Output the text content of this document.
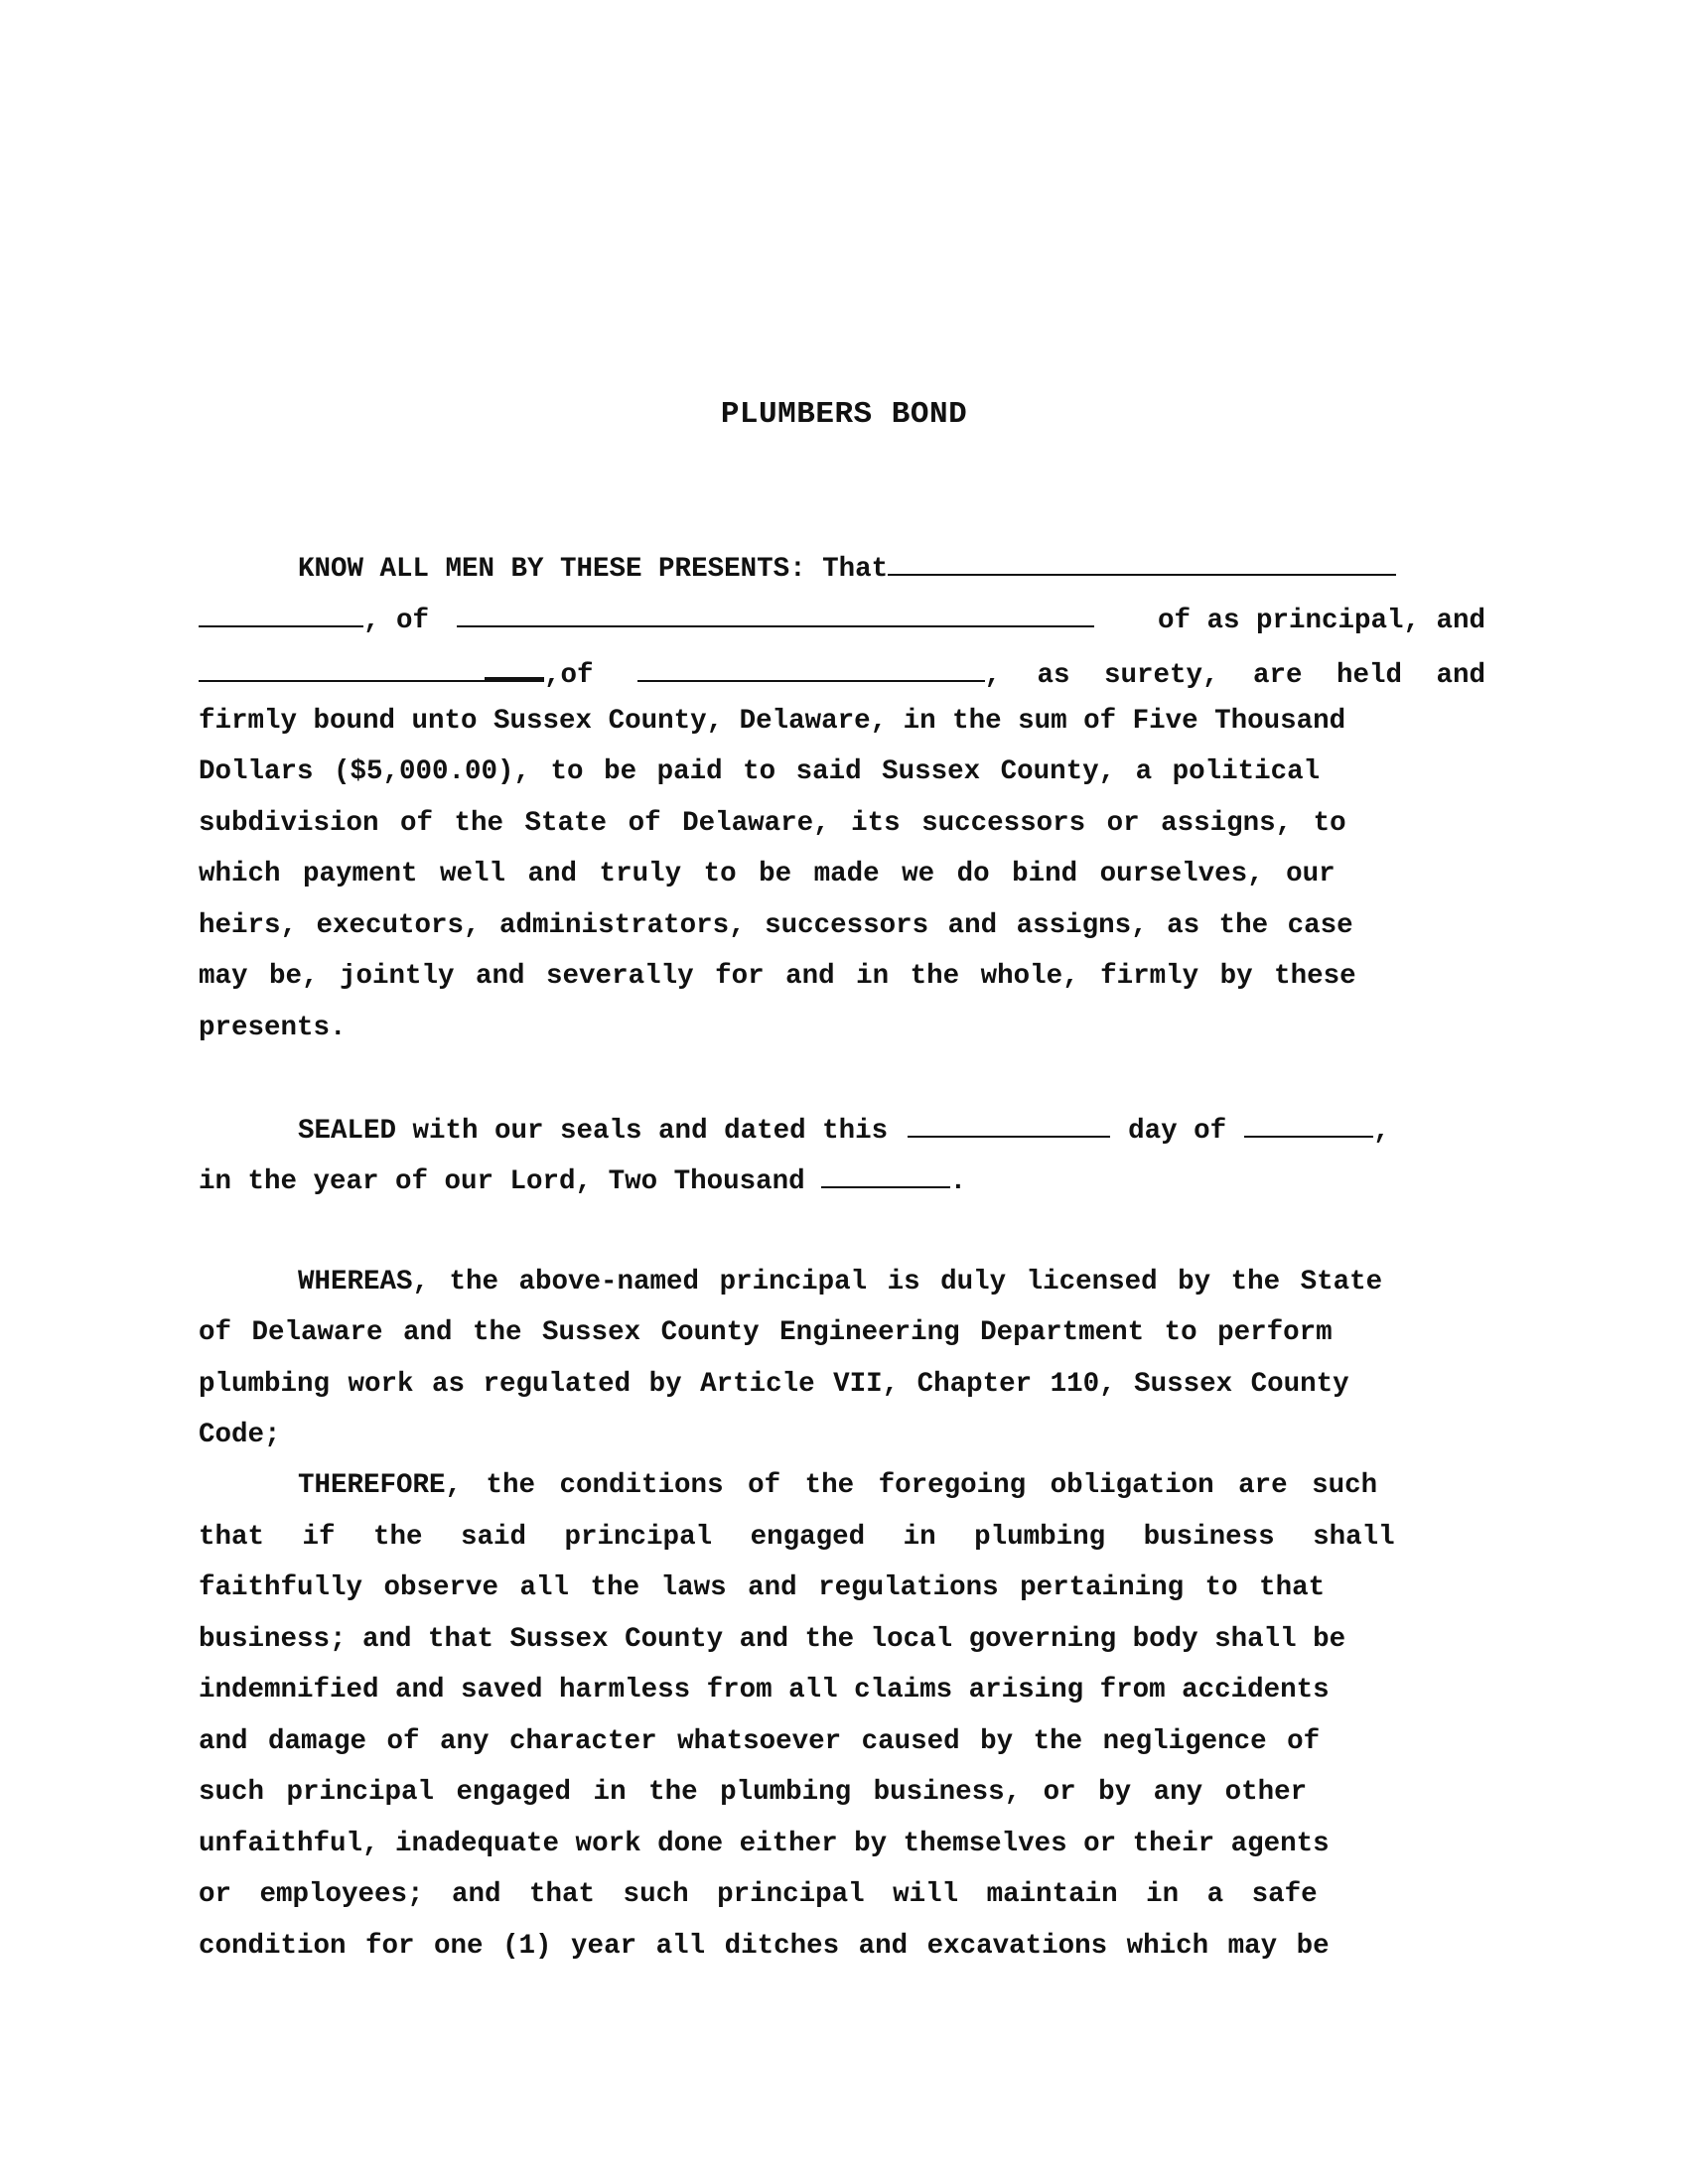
PLUMBERS BOND
KNOW ALL MEN BY THESE PRESENTS: That
, of	of as principal, and
,of	, as surety, are held and
firmly bound unto Sussex County, Delaware, in the sum of Five Thousand
Dollars ($5,000.00), to be paid to said Sussex County, a political
subdivision of the State of Delaware, its successors or assigns, to
which payment well and truly to be made we do bind ourselves, our
heirs, executors, administrators, successors and assigns, as the case
may be, jointly and severally for and in the whole, firmly by these
presents.
SEALED with our seals and dated this	day of	,
in the year of our Lord, Two Thousand	.
WHEREAS, the above-named principal is duly licensed by the State
of Delaware and the Sussex County Engineering Department to perform
plumbing work as regulated by Article VII, Chapter 110, Sussex County
Code;
THEREFORE, the conditions of the foregoing obligation are such
that if the said principal engaged in plumbing business shall
faithfully observe all the laws and regulations pertaining to that
business; and that Sussex County and the local governing body shall be
indemnified and saved harmless from all claims arising from accidents
and damage of any character whatsoever caused by the negligence of
such principal engaged in the plumbing business, or by any other
unfaithful, inadequate work done either by themselves or their agents
or employees; and that such principal will maintain in a safe
condition for one (1) year all ditches and excavations which may be
